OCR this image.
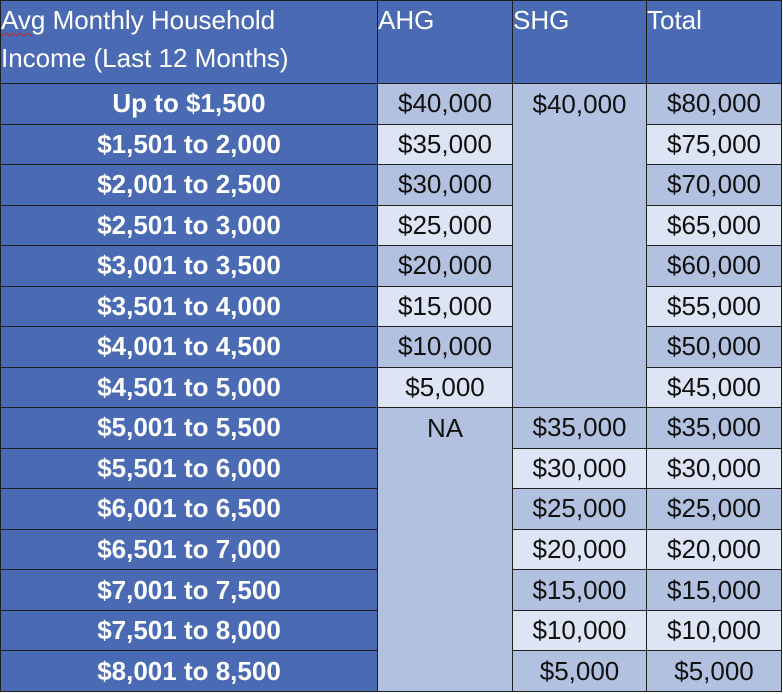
Avg Monthly Household
Income (Last 12 Months)	AHG	SHG	Total
Up to $1,500	$40,000	$40,000	$80,000
$1,501 to 2,000	$35,000		$75,000
$2,001 to 2,500	$30,000		$70,000
$2,501 to 3,000	$25,000		$65,000
$3,001 to 3,500	$20,000		$60,000
$3,501 to 4,000	$15,000		$55,000
$4,001 to 4,500	$10,000		$50,000
$4,501 to 5,000	$5,000		$45,000
$5,001 to 5,500	NA	$35,000	$35,000
$5,501 to 6,000		$30,000	$30,000
$6,001 to 6,500		$25,000	$25,000
$6,501 to 7,000		$20,000	$20,000
$7,001 to 7,500		$15,000	$15,000
$7,501 to 8,000		$10,000	$10,000
$8,001 to 8,500		$5,000	$5,000
